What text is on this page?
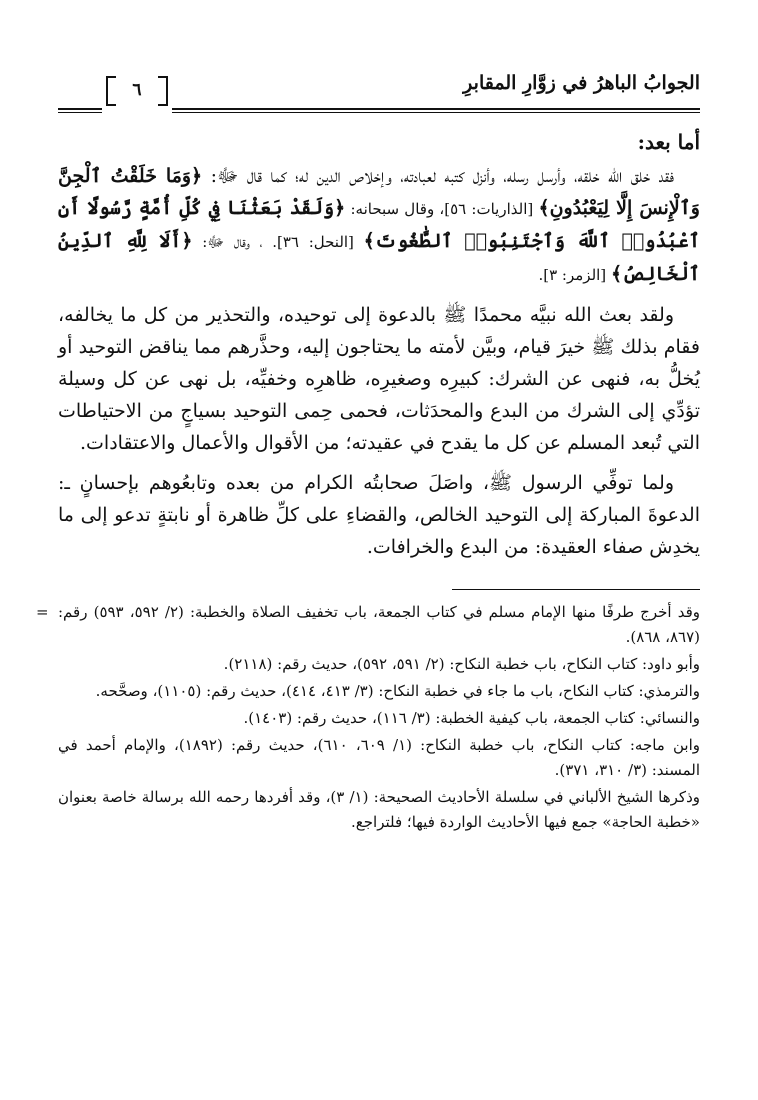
الجوابُ الباهرُ في زوَّارِ المقابرِ
٦
أما بعد:

فقد خلق الله خلقه، وأرسل رسله، وأنزل كتبه لعبادته، وإخلاص الدين له؛ كما قال ﷻ: ﴿وَمَا خَلَقْتُ ٱلْجِنَّ وَٱلْإِنسَ إِلَّا لِيَعْبُدُونِ﴾ [الذاريات: ٥٦]، وقال سبحانه: ﴿وَلَقَدْ بَعَثْنَا فِي كُلِّ أُمَّةٍ رَّسُولًا أَنِ ٱعْبُدُوا۟ ٱللَّهَ وَٱجْتَنِبُوا۟ ٱلطَّٰغُوتَ﴾ [النحل: ٣٦]. ، وقال ﷻ: ﴿أَلَا لِلَّهِ ٱلدِّينُ ٱلْخَالِصُ﴾ [الزمر: ٣].

ولقد بعث الله نبيَّه محمدًا ﷺ بالدعوة إلى توحيده، والتحذير من كل ما يخالفه، فقام بذلك ﷺ خيرَ قيام، وبيَّن لأمته ما يحتاجون إليه، وحذَّرهم مما يناقض التوحيد أو يُخلُّ به، فنهى عن الشرك: كبيرِه وصغيرِه، ظاهرِه وخفيِّه، بل نهى عن كل وسيلة تؤدِّي إلى الشرك من البدع والمحدَثات، فحمى حِمى التوحيد بسياجٍ من الاحتياطات التي تُبعد المسلم عن كل ما يقدح في عقيدته؛ من الأقوال والأعمال والاعتقادات.

ولما توفِّي الرسول ﷺ، واصَلَ صحابتُه الكرام من بعده وتابعُوهم بإحسانٍ ـ: الدعوةَ المباركة إلى التوحيد الخالص، والقضاءِ على كلِّ ظاهرة أو نابتةٍ تدعو إلى ما يخدِش صفاء العقيدة: من البدع والخرافات.

= وقد أخرج طرفًا منها الإمام مسلم في كتاب الجمعة، باب تخفيف الصلاة والخطبة: (٢/ ٥٩٢، ٥٩٣) رقم: (٨٦٧، ٨٦٨).
وأبو داود: كتاب النكاح، باب خطبة النكاح: (٢/ ٥٩١، ٥٩٢)، حديث رقم: (٢١١٨).
والترمذي: كتاب النكاح، باب ما جاء في خطبة النكاح: (٣/ ٤١٣، ٤١٤)، حديث رقم: (١١٠٥)، وصحَّحه.
والنسائي: كتاب الجمعة، باب كيفية الخطبة: (٣/ ١١٦)، حديث رقم: (١٤٠٣).
وابن ماجه: كتاب النكاح، باب خطبة النكاح: (١/ ٦٠٩، ٦١٠)، حديث رقم: (١٨٩٢)، والإمام أحمد في المسند: (٣/ ٣١٠، ٣٧١).
وذكرها الشيخ الألباني في سلسلة الأحاديث الصحيحة: (١/ ٣)، وقد أفردها رحمه الله برسالة خاصة بعنوان «خطبة الحاجة» جمع فيها الأحاديث الواردة فيها؛ فلتراجع.
